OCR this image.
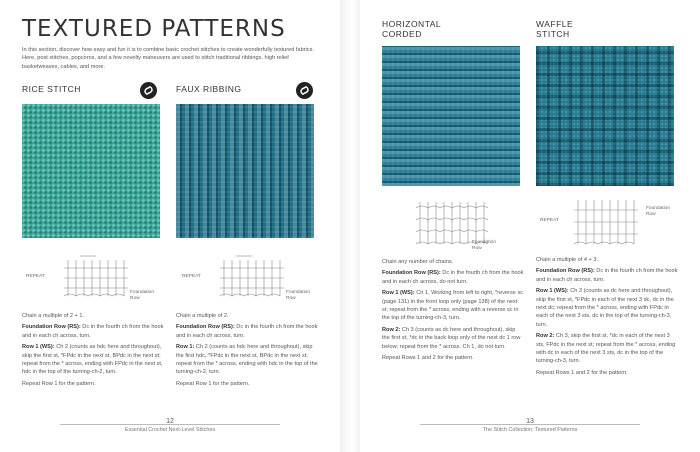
TEXTURED PATTERNS
In this section, discover how easy and fun it is to combine basic crochet stitches to create wonderfully textured fabrics. Here, post stitches, popcorns, and a few novelty maneuvers are used to stitch traditional ribbings, high relief basketweaves, cables, and more.
RICE STITCH
REPEAT
Foundation Row

Chain a multiple of 2 + 1.

Foundation Row (RS): Dc in the fourth ch from the hook and in each ch across, turn.

Row 1 (WS): Ch 2 (counts as hdc here and throughout), skip the first st, *FPdc in the next st, BPdc in the next st; repeat from the * across, ending with FPdc in the next st, hdc in the top of the turning-ch-2, turn.

Repeat Row 1 for the pattern.

FAUX RIBBING
REPEAT
Foundation Row

Chain a multiple of 2.

Foundation Row (RS): Dc in the fourth ch from the hook and in each ch across, turn.

Row 1: Ch 2 (counts as hdc here and throughout), skip the first hdc, *FPdc in the next st, BPdc in the next st; repeat from the * across, ending with hdc in the top of the turning-ch-2, turn.

Repeat Row 1 for the pattern.

12
Essential Crochet Next-Level Stitches
HORIZONTAL
CORDED
Foundation Row

Chain any number of chains.

Foundation Row (RS): Dc in the fourth ch from the hook and in each ch across, do not turn.

Row 1 (WS): Ch 1. Working from left to right, *reverse sc (page 131) in the front loop only (page 138) of the next st; repeat from the * across, ending with a reverse sc in the top of the turning-ch-3, turn.

Row 2: Ch 3 (counts as dc here and throughout), skip the first st, *dc in the back loop only of the next dc 1 row below; repeat from the * across. Ch 1, do not turn.

Repeat Rows 1 and 2 for the pattern.

WAFFLE
STITCH
REPEAT
Foundation Row

Chain a multiple of 4 + 3.

Foundation Row (RS): Dc in the fourth ch from the hook and in each ch across, turn.

Row 1 (WS): Ch 3 (counts as dc here and throughout), skip the first st, *FPdc in each of the next 3 dc, dc in the next dc; repeat from the * across, ending with FPdc in each of the next 3 sts, dc in the top of the turning-ch-3, turn.

Row 2: Ch 3, skip the first st, *dc in each of the next 3 sts, FPdc in the next st; repeat from the * across, ending with dc in each of the next 3 sts, dc in the top of the turning-ch-3, turn.

Repeat Rows 1 and 2 for the pattern.

13
The Stitch Collection: Textured Patterns
